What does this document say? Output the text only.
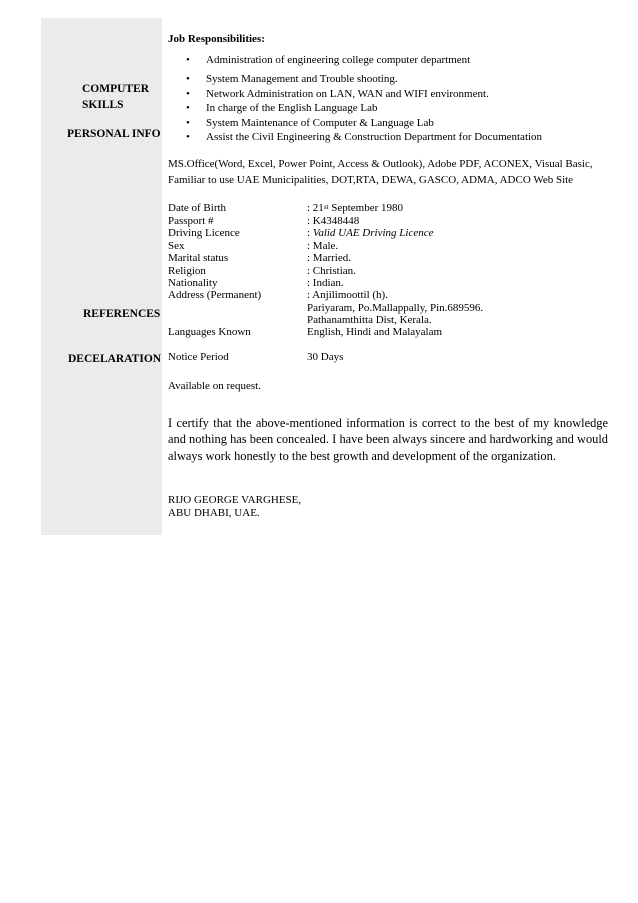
COMPUTER
SKILLS
PERSONAL INFO
REFERENCES
DECELARATION
Job Responsibilities:
• Administration of engineering college computer department
• System Management and Trouble shooting.
• Network Administration on LAN, WAN and WIFI environment.
• In charge of the English Language Lab
• System Maintenance of Computer & Language Lab
• Assist the Civil Engineering & Construction Department for Documentation
MS.Office(Word, Excel, Power Point, Access & Outlook), Adobe PDF, ACONEX, Visual Basic,
Familiar to use UAE Municipalities, DOT,RTA, DEWA, GASCO, ADMA, ADCO Web Site
Date of Birth	: 21st September 1980
Passport #	: K4348448
Driving Licence	: Valid UAE Driving Licence
Sex	: Male.
Marital status	: Married.
Religion	: Christian.
Nationality	: Indian.
Address (Permanent)	: Anjilimoottil (h).
Pariyaram, Po.Mallappally, Pin.689596.
Pathanamthitta Dist, Kerala.
Languages Known	English, Hindi and Malayalam
Notice Period	30 Days
Available on request.
I certify that the above-mentioned information is correct to the best of my knowledge and nothing has been concealed. I have been always sincere and hardworking and would always work honestly to the best growth and development of the organization.
RIJO GEORGE VARGHESE,
ABU DHABI, UAE.
